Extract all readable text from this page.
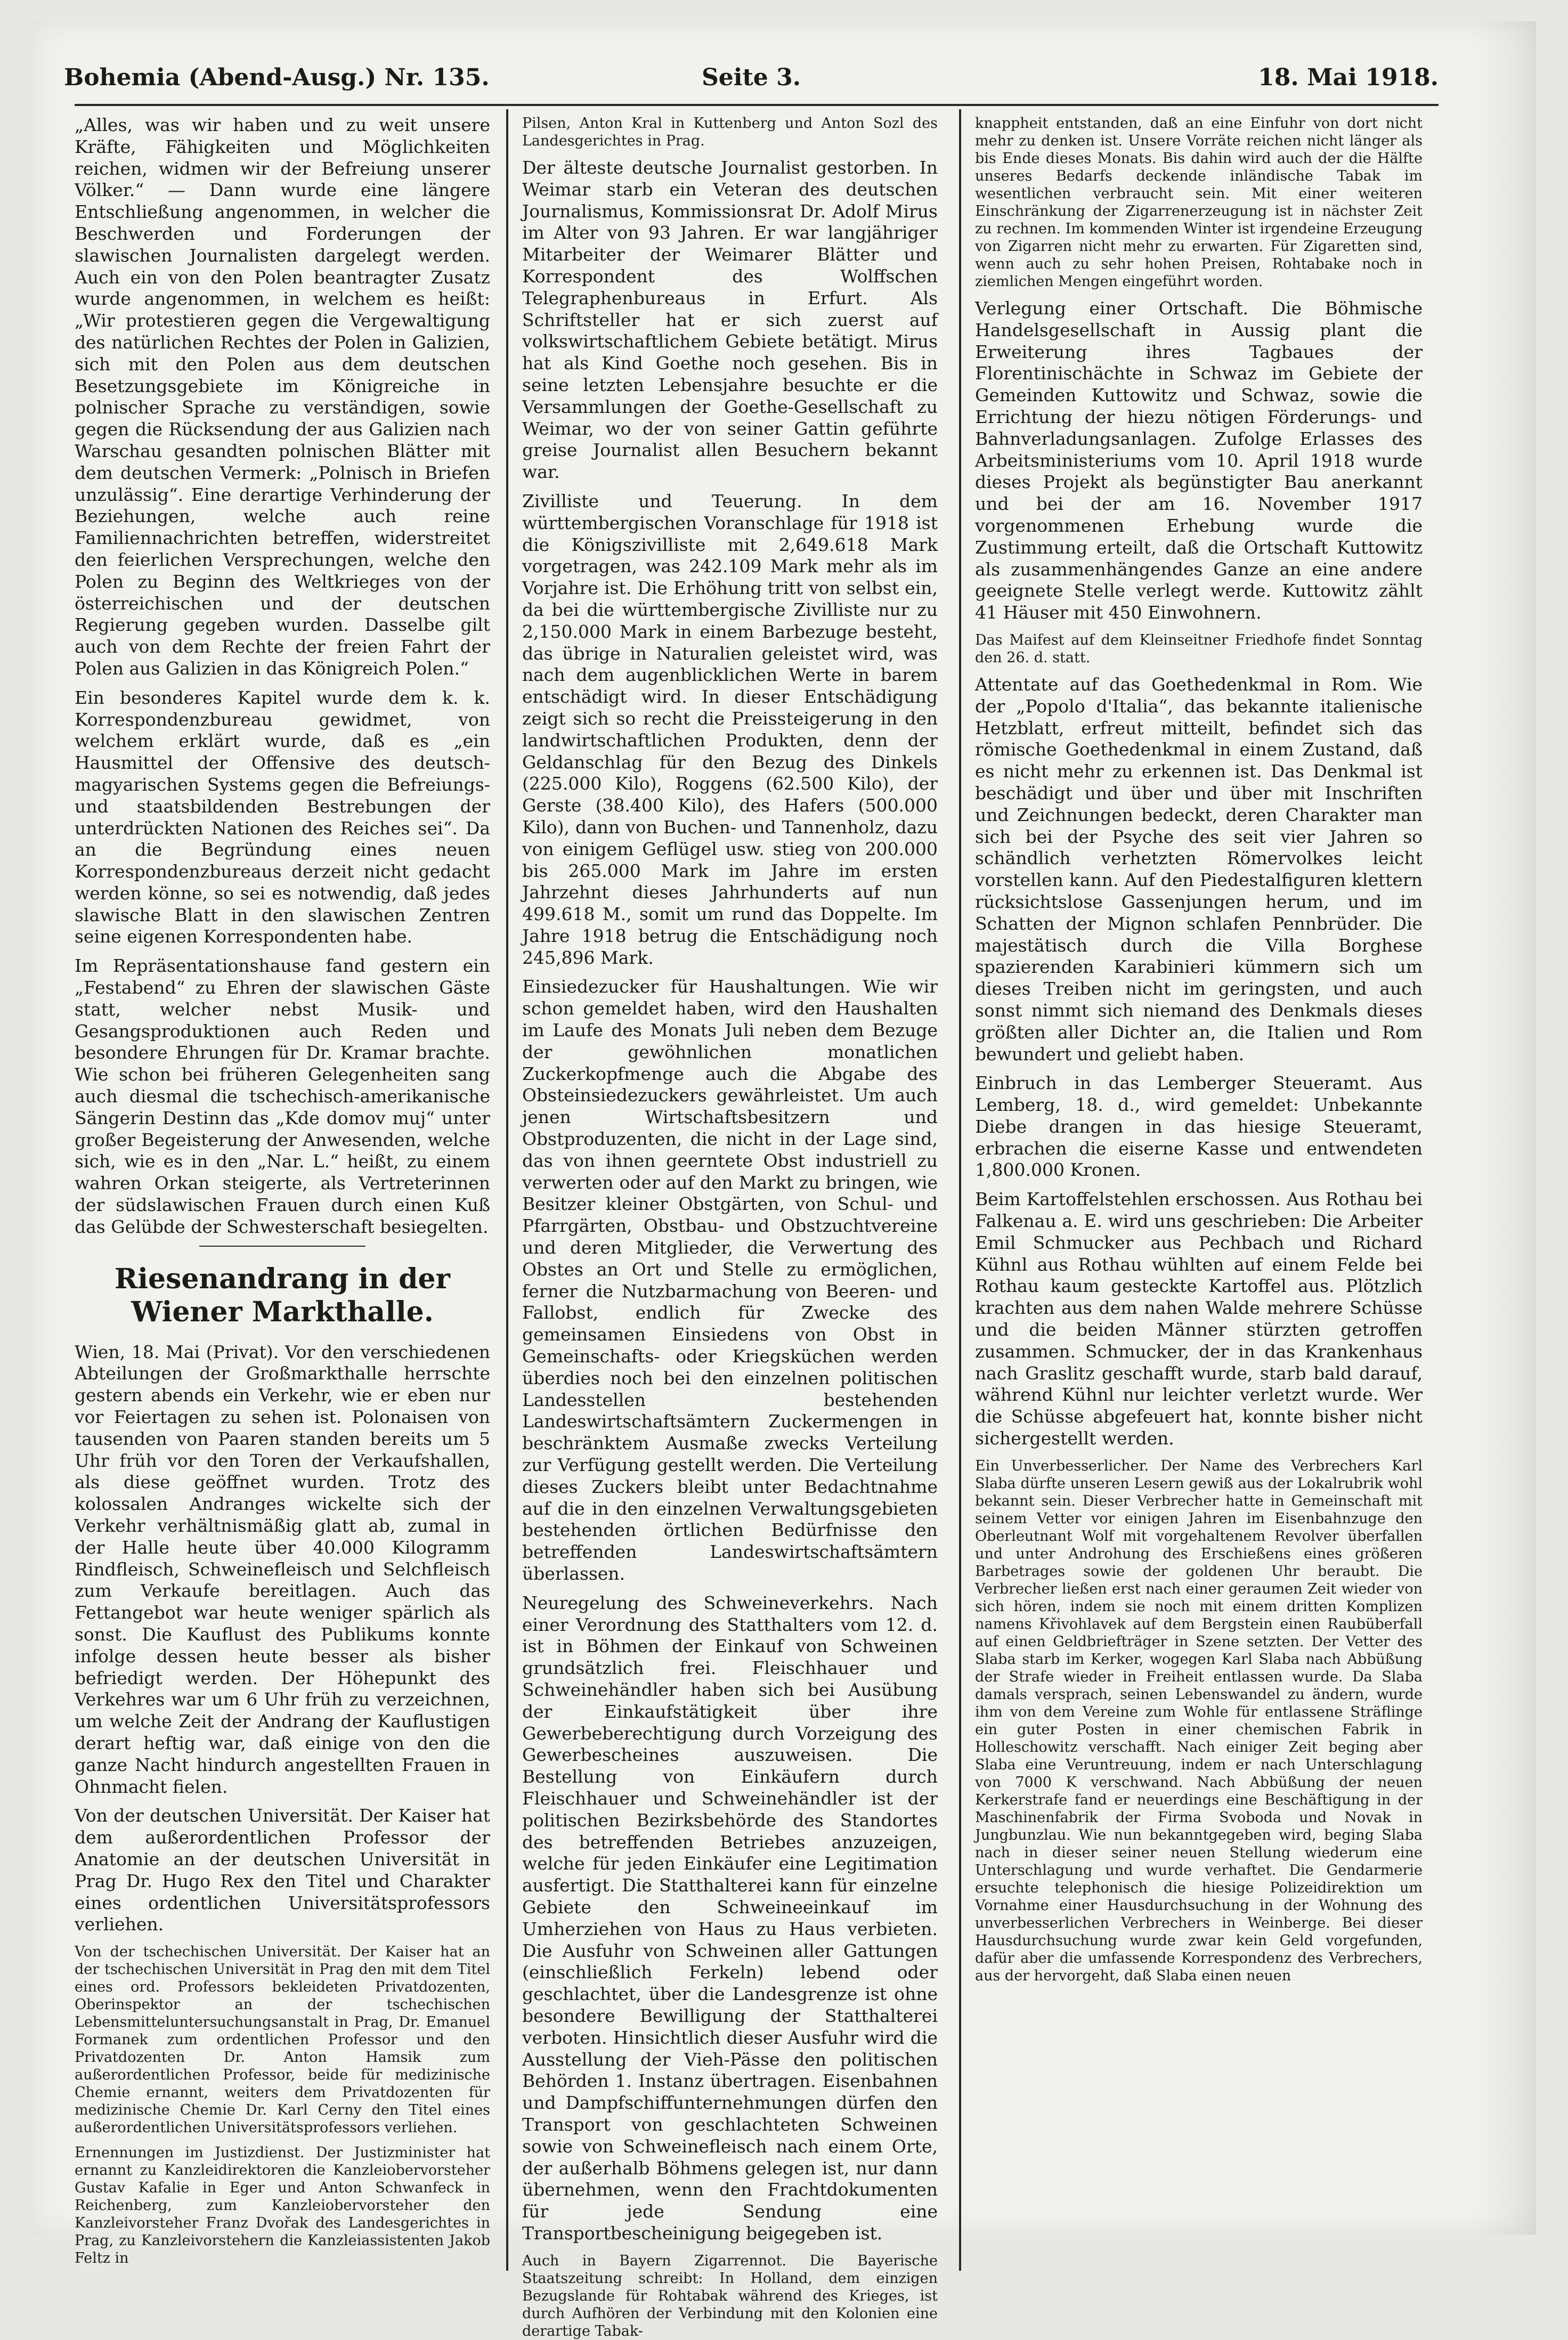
Bohemia (Abend-Ausg.) Nr. 135.	Seite 3.	18. Mai 1918.

„Alles, was wir haben und zu weit unsere Kräfte, Fähigkeiten und Möglichkeiten reichen, widmen wir der Befreiung unserer Völker.“ — Dann wurde eine längere Entschließung angenommen, in welcher die Beschwerden und Forderungen der slawischen Journalisten dargelegt werden. Auch ein von den Polen beantragter Zusatz wurde angenommen, in welchem es heißt: „Wir protestieren gegen die Vergewaltigung des natürlichen Rechtes der Polen in Galizien, sich mit den Polen aus dem deutschen Besetzungsgebiete im Königreiche in polnischer Sprache zu verständigen, sowie gegen die Rücksendung der aus Galizien nach Warschau gesandten polnischen Blätter mit dem deutschen Vermerk: „Polnisch in Briefen unzulässig“. Eine derartige Verhinderung der Beziehungen, welche auch reine Familiennachrichten betreffen, widerstreitet den feierlichen Versprechungen, welche den Polen zu Beginn des Weltkrieges von der österreichischen und der deutschen Regierung gegeben wurden. Dasselbe gilt auch von dem Rechte der freien Fahrt der Polen aus Galizien in das Königreich Polen.“

Ein besonderes Kapitel wurde dem k. k. Korrespondenzbureau gewidmet, von welchem erklärt wurde, daß es „ein Hausmittel der Offensive des deutsch-magyarischen Systems gegen die Befreiungs- und staatsbildenden Bestrebungen der unterdrückten Nationen des Reiches sei“. Da an die Begründung eines neuen Korrespondenzbureaus derzeit nicht gedacht werden könne, so sei es notwendig, daß jedes slawische Blatt in den slawischen Zentren seine eigenen Korrespondenten habe.

Im Repräsentationshause fand gestern ein „Festabend“ zu Ehren der slawischen Gäste statt, welcher nebst Musik- und Gesangsproduktionen auch Reden und besondere Ehrungen für Dr. Kramar brachte. Wie schon bei früheren Gelegenheiten sang auch diesmal die tschechisch-amerikanische Sängerin Destinn das „Kde domov muj“ unter großer Begeisterung der Anwesenden, welche sich, wie es in den „Nar. L.“ heißt, zu einem wahren Orkan steigerte, als Vertreterinnen der südslawischen Frauen durch einen Kuß das Gelübde der Schwesterschaft besiegelten.

Riesenandrang in der Wiener Markthalle.

Wien, 18. Mai (Privat). Vor den verschiedenen Abteilungen der Großmarkthalle herrschte gestern abends ein Verkehr, wie er eben nur vor Feiertagen zu sehen ist. Polonaisen von tausenden von Paaren standen bereits um 5 Uhr früh vor den Toren der Verkaufshallen, als diese geöffnet wurden. Trotz des kolossalen Andranges wickelte sich der Verkehr verhältnismäßig glatt ab, zumal in der Halle heute über 40.000 Kilogramm Rindfleisch, Schweinefleisch und Selchfleisch zum Verkaufe bereitlagen. Auch das Fettangebot war heute weniger spärlich als sonst. Die Kauflust des Publikums konnte infolge dessen heute besser als bisher befriedigt werden. Der Höhepunkt des Verkehres war um 6 Uhr früh zu verzeichnen, um welche Zeit der Andrang der Kauflustigen derart heftig war, daß einige von den die ganze Nacht hindurch angestellten Frauen in Ohnmacht fielen.

Von der deutschen Universität. Der Kaiser hat dem außerordentlichen Professor der Anatomie an der deutschen Universität in Prag Dr. Hugo Rex den Titel und Charakter eines ordentlichen Universitätsprofessors verliehen.

Von der tschechischen Universität. Der Kaiser hat an der tschechischen Universität in Prag den mit dem Titel eines ord. Professors bekleideten Privatdozenten, Oberinspektor an der tschechischen Lebensmitteluntersuchungsanstalt in Prag, Dr. Emanuel Formanek zum ordentlichen Professor und den Privatdozenten Dr. Anton Hamsik zum außerordentlichen Professor, beide für medizinische Chemie ernannt, weiters dem Privatdozenten für medizinische Chemie Dr. Karl Cerny den Titel eines außerordentlichen Universitätsprofessors verliehen.

Ernennungen im Justizdienst. Der Justizminister hat ernannt zu Kanzleidirektoren die Kanzleiobervorsteher Gustav Kafalie in Eger und Anton Schwanfeck in Reichenberg, zum Kanzleiobervorsteher den Kanzleivorsteher Franz Dvořak des Landesgerichtes in Prag, zu Kanzleivorstehern die Kanzleiassistenten Jakob Feltz in

Pilsen, Anton Kral in Kuttenberg und Anton Sozl des Landesgerichtes in Prag.

Der älteste deutsche Journalist gestorben. In Weimar starb ein Veteran des deutschen Journalismus, Kommissionsrat Dr. Adolf Mirus im Alter von 93 Jahren. Er war langjähriger Mitarbeiter der Weimarer Blätter und Korrespondent des Wolffschen Telegraphenbureaus in Erfurt. Als Schriftsteller hat er sich zuerst auf volkswirtschaftlichem Gebiete betätigt. Mirus hat als Kind Goethe noch gesehen. Bis in seine letzten Lebensjahre besuchte er die Versammlungen der Goethe-Gesellschaft zu Weimar, wo der von seiner Gattin geführte greise Journalist allen Besuchern bekannt war.

Zivilliste und Teuerung. In dem württembergischen Voranschlage für 1918 ist die Königszivilliste mit 2,649.618 Mark vorgetragen, was 242.109 Mark mehr als im Vorjahre ist. Die Erhöhung tritt von selbst ein, da bei die württembergische Zivilliste nur zu 2,150.000 Mark in einem Barbezuge besteht, das übrige in Naturalien geleistet wird, was nach dem augenblicklichen Werte in barem entschädigt wird. In dieser Entschädigung zeigt sich so recht die Preissteigerung in den landwirtschaftlichen Produkten, denn der Geldanschlag für den Bezug des Dinkels (225.000 Kilo), Roggens (62.500 Kilo), der Gerste (38.400 Kilo), des Hafers (500.000 Kilo), dann von Buchen- und Tannenholz, dazu von einigem Geflügel usw. stieg von 200.000 bis 265.000 Mark im Jahre im ersten Jahrzehnt dieses Jahrhunderts auf nun 499.618 M., somit um rund das Doppelte. Im Jahre 1918 betrug die Entschädigung noch 245,896 Mark.

Einsiedezucker für Haushaltungen. Wie wir schon gemeldet haben, wird den Haushalten im Laufe des Monats Juli neben dem Bezuge der gewöhnlichen monatlichen Zuckerkopfmenge auch die Abgabe des Obsteinsiedezuckers gewährleistet. Um auch jenen Wirtschaftsbesitzern und Obstproduzenten, die nicht in der Lage sind, das von ihnen geerntete Obst industriell zu verwerten oder auf den Markt zu bringen, wie Besitzer kleiner Obstgärten, von Schul- und Pfarrgärten, Obstbau- und Obstzuchtvereine und deren Mitglieder, die Verwertung des Obstes an Ort und Stelle zu ermöglichen, ferner die Nutzbarmachung von Beeren- und Fallobst, endlich für Zwecke des gemeinsamen Einsiedens von Obst in Gemeinschafts- oder Kriegsküchen werden überdies noch bei den einzelnen politischen Landesstellen bestehenden Landeswirtschaftsämtern Zuckermengen in beschränktem Ausmaße zwecks Verteilung zur Verfügung gestellt werden. Die Verteilung dieses Zuckers bleibt unter Bedachtnahme auf die in den einzelnen Verwaltungsgebieten bestehenden örtlichen Bedürfnisse den betreffenden Landeswirtschaftsämtern überlassen.

Neuregelung des Schweineverkehrs. Nach einer Verordnung des Statthalters vom 12. d. ist in Böhmen der Einkauf von Schweinen grundsätzlich frei. Fleischhauer und Schweinehändler haben sich bei Ausübung der Einkaufstätigkeit über ihre Gewerbeberechtigung durch Vorzeigung des Gewerbescheines auszuweisen. Die Bestellung von Einkäufern durch Fleischhauer und Schweinehändler ist der politischen Bezirksbehörde des Standortes des betreffenden Betriebes anzuzeigen, welche für jeden Einkäufer eine Legitimation ausfertigt. Die Statthalterei kann für einzelne Gebiete den Schweineeinkauf im Umherziehen von Haus zu Haus verbieten. Die Ausfuhr von Schweinen aller Gattungen (einschließlich Ferkeln) lebend oder geschlachtet, über die Landesgrenze ist ohne besondere Bewilligung der Statthalterei verboten. Hinsichtlich dieser Ausfuhr wird die Ausstellung der Vieh-Pässe den politischen Behörden 1. Instanz übertragen. Eisenbahnen und Dampfschiffunternehmungen dürfen den Transport von geschlachteten Schweinen sowie von Schweinefleisch nach einem Orte, der außerhalb Böhmens gelegen ist, nur dann übernehmen, wenn den Frachtdokumenten für jede Sendung eine Transportbescheinigung beigegeben ist.

Auch in Bayern Zigarrennot. Die Bayerische Staatszeitung schreibt: In Holland, dem einzigen Bezugslande für Rohtabak während des Krieges, ist durch Aufhören der Verbindung mit den Kolonien eine derartige Tabak-

knappheit entstanden, daß an eine Einfuhr von dort nicht mehr zu denken ist. Unsere Vorräte reichen nicht länger als bis Ende dieses Monats. Bis dahin wird auch der die Hälfte unseres Bedarfs deckende inländische Tabak im wesentlichen verbraucht sein. Mit einer weiteren Einschränkung der Zigarrenerzeugung ist in nächster Zeit zu rechnen. Im kommenden Winter ist irgendeine Erzeugung von Zigarren nicht mehr zu erwarten. Für Zigaretten sind, wenn auch zu sehr hohen Preisen, Rohtabake noch in ziemlichen Mengen eingeführt worden.

Verlegung einer Ortschaft. Die Böhmische Handelsgesellschaft in Aussig plant die Erweiterung ihres Tagbaues der Florentinischächte in Schwaz im Gebiete der Gemeinden Kuttowitz und Schwaz, sowie die Errichtung der hiezu nötigen Förderungs- und Bahnverladungsanlagen. Zufolge Erlasses des Arbeitsministeriums vom 10. April 1918 wurde dieses Projekt als begünstigter Bau anerkannt und bei der am 16. November 1917 vorgenommenen Erhebung wurde die Zustimmung erteilt, daß die Ortschaft Kuttowitz als zusammenhängendes Ganze an eine andere geeignete Stelle verlegt werde. Kuttowitz zählt 41 Häuser mit 450 Einwohnern.

Das Maifest auf dem Kleinseitner Friedhofe findet Sonntag den 26. d. statt.

Attentate auf das Goethedenkmal in Rom. Wie der „Popolo d'Italia“, das bekannte italienische Hetzblatt, erfreut mitteilt, befindet sich das römische Goethedenkmal in einem Zustand, daß es nicht mehr zu erkennen ist. Das Denkmal ist beschädigt und über und über mit Inschriften und Zeichnungen bedeckt, deren Charakter man sich bei der Psyche des seit vier Jahren so schändlich verhetzten Römervolkes leicht vorstellen kann. Auf den Piedestalfiguren klettern rücksichtslose Gassenjungen herum, und im Schatten der Mignon schlafen Pennbrüder. Die majestätisch durch die Villa Borghese spazierenden Karabinieri kümmern sich um dieses Treiben nicht im geringsten, und auch sonst nimmt sich niemand des Denkmals dieses größten aller Dichter an, die Italien und Rom bewundert und geliebt haben.

Einbruch in das Lemberger Steueramt. Aus Lemberg, 18. d., wird gemeldet: Unbekannte Diebe drangen in das hiesige Steueramt, erbrachen die eiserne Kasse und entwendeten 1,800.000 Kronen.

Beim Kartoffelstehlen erschossen. Aus Rothau bei Falkenau a. E. wird uns geschrieben: Die Arbeiter Emil Schmucker aus Pechbach und Richard Kühnl aus Rothau wühlten auf einem Felde bei Rothau kaum gesteckte Kartoffel aus. Plötzlich krachten aus dem nahen Walde mehrere Schüsse und die beiden Männer stürzten getroffen zusammen. Schmucker, der in das Krankenhaus nach Graslitz geschafft wurde, starb bald darauf, während Kühnl nur leichter verletzt wurde. Wer die Schüsse abgefeuert hat, konnte bisher nicht sichergestellt werden.

Ein Unverbesserlicher. Der Name des Verbrechers Karl Slaba dürfte unseren Lesern gewiß aus der Lokalrubrik wohl bekannt sein. Dieser Verbrecher hatte in Gemeinschaft mit seinem Vetter vor einigen Jahren im Eisenbahnzuge den Oberleutnant Wolf mit vorgehaltenem Revolver überfallen und unter Androhung des Erschießens eines größeren Barbetrages sowie der goldenen Uhr beraubt. Die Verbrecher ließen erst nach einer geraumen Zeit wieder von sich hören, indem sie noch mit einem dritten Komplizen namens Křivohlavek auf dem Bergstein einen Raubüberfall auf einen Geldbriefträger in Szene setzten. Der Vetter des Slaba starb im Kerker, wogegen Karl Slaba nach Abbüßung der Strafe wieder in Freiheit entlassen wurde. Da Slaba damals versprach, seinen Lebenswandel zu ändern, wurde ihm von dem Vereine zum Wohle für entlassene Sträflinge ein guter Posten in einer chemischen Fabrik in Holleschowitz verschafft. Nach einiger Zeit beging aber Slaba eine Veruntreuung, indem er nach Unterschlagung von 7000 K verschwand. Nach Abbüßung der neuen Kerkerstrafe fand er neuerdings eine Beschäftigung in der Maschinenfabrik der Firma Svoboda und Novak in Jungbunzlau. Wie nun bekanntgegeben wird, beging Slaba nach in dieser seiner neuen Stellung wiederum eine Unterschlagung und wurde verhaftet. Die Gendarmerie ersuchte telephonisch die hiesige Polizeidirektion um Vornahme einer Hausdurchsuchung in der Wohnung des unverbesserlichen Verbrechers in Weinberge. Bei dieser Hausdurchsuchung wurde zwar kein Geld vorgefunden, dafür aber die umfassende Korrespondenz des Verbrechers, aus der hervorgeht, daß Slaba einen neuen
